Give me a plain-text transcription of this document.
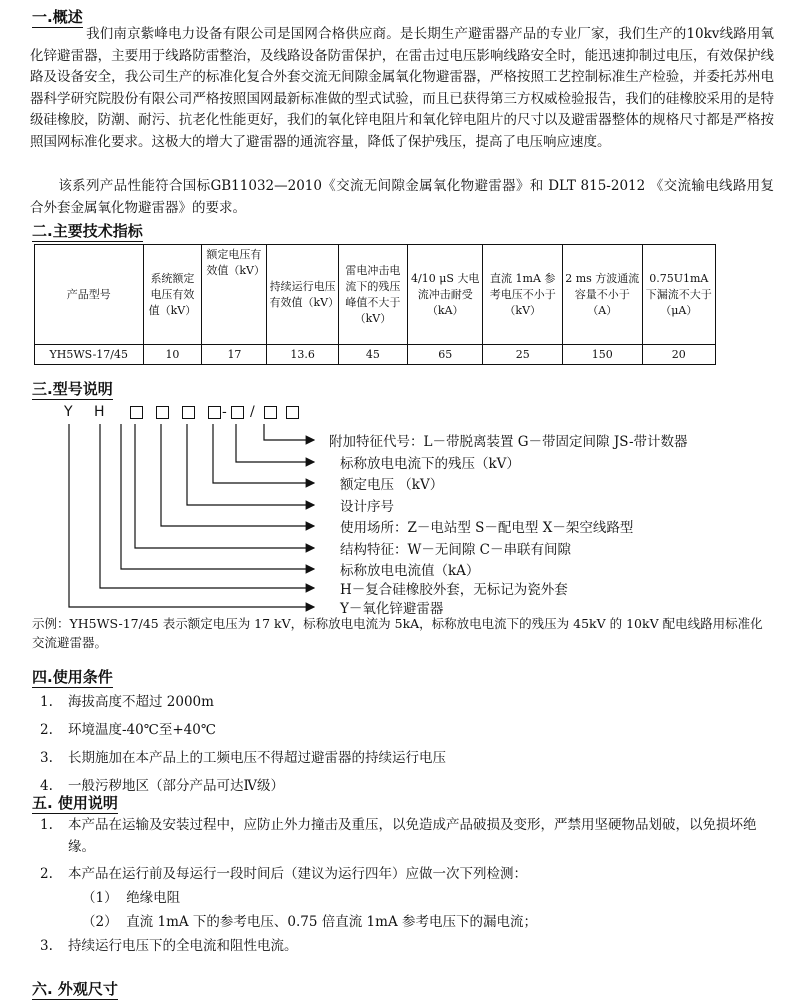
一.概述

我们南京紫峰电力设备有限公司是国网合格供应商。是长期生产避雷器产品的专业厂家，我们生产的10kv线路用氧化锌避雷器，主要用于线路防雷整治，及线路设备防雷保护，在雷击过电压影响线路安全时，能迅速抑制过电压，有效保护线路及设备安全，我公司生产的标准化复合外套交流无间隙金属氧化物避雷器，严格按照工艺控制标准生产检验，并委托苏州电器科学研究院股份有限公司严格按照国网最新标准做的型式试验，而且已获得第三方权威检验报告，我们的硅橡胶采用的是特级硅橡胶，防潮、耐污、抗老化性能更好，我们的氧化锌电阻片和氧化锌电阻片的尺寸以及避雷器整体的规格尺寸都是严格按照国网标准化要求。这极大的增大了避雷器的通流容量，降低了保护残压，提高了电压响应速度。

该系列产品性能符合国标GB11032—2010《交流无间隙金属氧化物避雷器》和 DLT 815-2012 《交流输电线路用复合外套金属氧化物避雷器》的要求。

二.主要技术指标
产品型号	系统额定电压有效值（kV）	额定电压有效值（kV）	持续运行电压有效值（kV）	雷电冲击电流下的残压峰值不大于（kV）	4/10 μS 大电流冲击耐受（kA）	直流 1mA 参考电压不小于（kV）	2 ms 方波通流容量不小于（A）	0.75U1mA下漏流不大于（μA）
YH5WS-17/45	10	17	13.6	45	65	25	150	20
三.型号说明
Y H	- /
附加特征代号：L－带脱离装置 G－带固定间隙 JS-带计数器
标称放电电流下的残压（kV）
额定电压 （kV）
设计序号
使用场所：Z－电站型 S－配电型 X－架空线路型
结构特征：W－无间隙 C－串联有间隙
标称放电电流值（kA）
H－复合硅橡胶外套，无标记为瓷外套
Y－氧化锌避雷器

示例：YH5WS-17/45 表示额定电压为 17 kV，标称放电电流为 5kA，标称放电电流下的残压为 45kV 的 10kV 配电线路用标准化交流避雷器。

四.使用条件
1.	海拔高度不超过 2000m
2.	环境温度-40℃至+40℃
3.	长期施加在本产品上的工频电压不得超过避雷器的持续运行电压
4.	一般污秽地区（部分产品可达Ⅳ级）
五. 使用说明
1.	本产品在运输及安装过程中，应防止外力撞击及重压，以免造成产品破损及变形，严禁用坚硬物品划破，以免损坏绝缘。
2.	本产品在运行前及每运行一段时间后（建议为运行四年）应做一次下列检测：
（1） 绝缘电阻
（2） 直流 1mA 下的参考电压、0.75 倍直流 1mA 参考电压下的漏电流；
3.	持续运行电压下的全电流和阻性电流。
六. 外观尺寸
